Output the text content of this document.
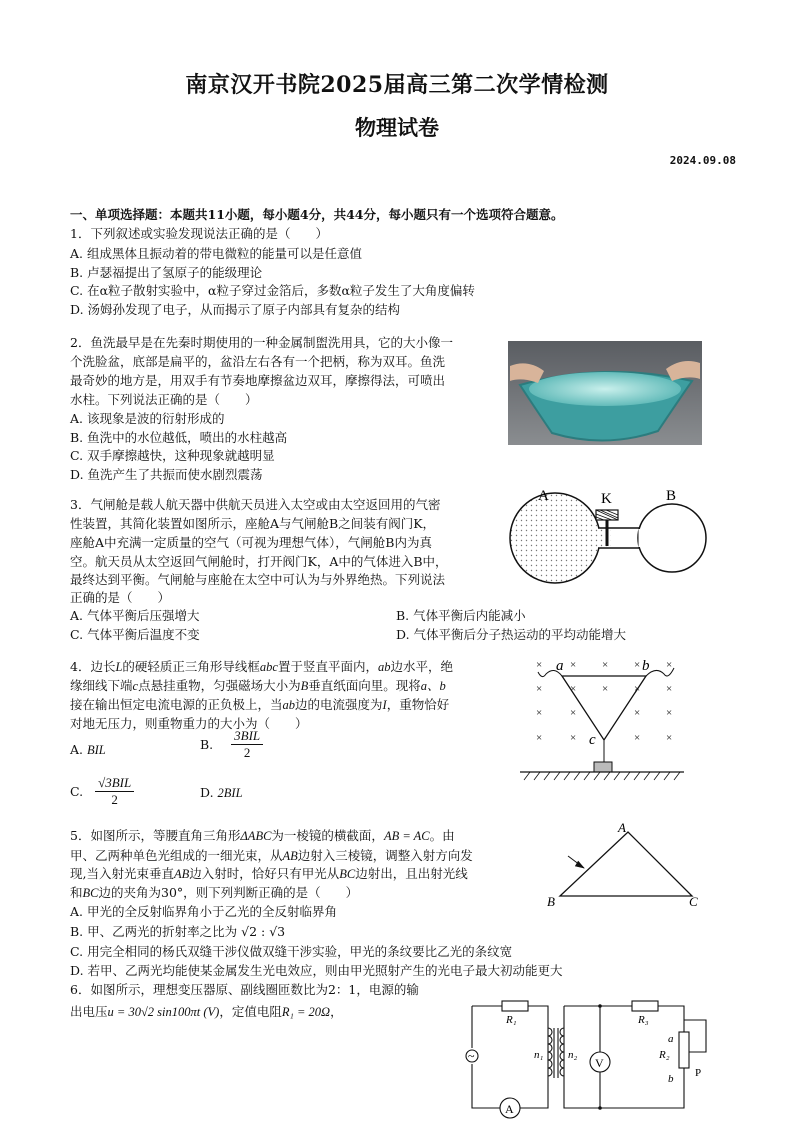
南京汉开书院2025届高三第二次学情检测
物理试卷
2024.09.08
一、单项选择题：本题共11小题，每小题4分，共44分，每小题只有一个选项符合题意。
1．下列叙述或实验发现说法正确的是（　　）
A. 组成黑体且振动着的带电微粒的能量可以是任意值
B. 卢瑟福提出了氢原子的能级理论
C. 在α粒子散射实验中，α粒子穿过金箔后，多数α粒子发生了大角度偏转
D. 汤姆孙发现了电子，从而揭示了原子内部具有复杂的结构
2．鱼洗最早是在先秦时期使用的一种金属制盥洗用具，它的大小像一
个洗脸盆，底部是扁平的，盆沿左右各有一个把柄，称为双耳。鱼洗
最奇妙的地方是，用双手有节奏地摩擦盆边双耳，摩擦得法，可喷出
水柱。下列说法正确的是（　　）
A. 该现象是波的衍射形成的
B. 鱼洗中的水位越低，喷出的水柱越高
C. 双手摩擦越快，这种现象就越明显
D. 鱼洗产生了共振而使水剧烈震荡
3．气闸舱是载人航天器中供航天员进入太空或由太空返回用的气密
性装置，其简化装置如图所示，座舱A与气闸舱B之间装有阀门K，
座舱A中充满一定质量的空气（可视为理想气体），气闸舱B内为真
空。航天员从太空返回气闸舱时，打开阀门K，A中的气体进入B中，
最终达到平衡。气闸舱与座舱在太空中可认为与外界绝热。下列说法
正确的是（　　）
A. 气体平衡后压强增大	B. 气体平衡后内能减小
C. 气体平衡后温度不变	D. 气体平衡后分子热运动的平均动能增大
A	K	B
4．边长L的硬轻质正三角形导线框abc置于竖直平面内，ab边水平，绝
缘细线下端c点悬挂重物，匀强磁场大小为B垂直纸面向里。现将a、b
接在输出恒定电流电源的正负极上，当ab边的电流强度为I，重物恰好
对地无压力，则重物重力的大小为（　　）
A. BIL	B. $\frac{\text{3BIL}}{2}$
C. $\frac{\text{√3BIL}}{2}$	D. 2BIL
×	× × × ×
×	× × × ×
×	×	× ×
×	×	× ×
a	b
c
5．如图所示，等腰直角三角形ΔABC为一棱镜的横截面，AB = AC。由
甲、乙两种单色光组成的一细光束，从AB边射入三棱镜，调整入射方向发
现,当入射光束垂直AB边入射时，恰好只有甲光从BC边射出，且出射光线
和BC边的夹角为30°，则下列判断正确的是（　　）
A. 甲光的全反射临界角小于乙光的全反射临界角
B. 甲、乙两光的折射率之比为 √2 : √3
C. 用完全相同的杨氏双缝干涉仪做双缝干涉实验，甲光的条纹要比乙光的条纹宽
D. 若甲、乙两光均能使某金属发生光电效应，则由甲光照射产生的光电子最大初动能更大
A
B	C
6．如图所示，理想变压器原、副线圈匝数比为2：1，电源的输
出电压u = 30√2 sin100πt (V)，定值电阻R₁ = 20Ω，
~
R₁	R₃
R₂
n₁ n₂
V
A
a
b P
